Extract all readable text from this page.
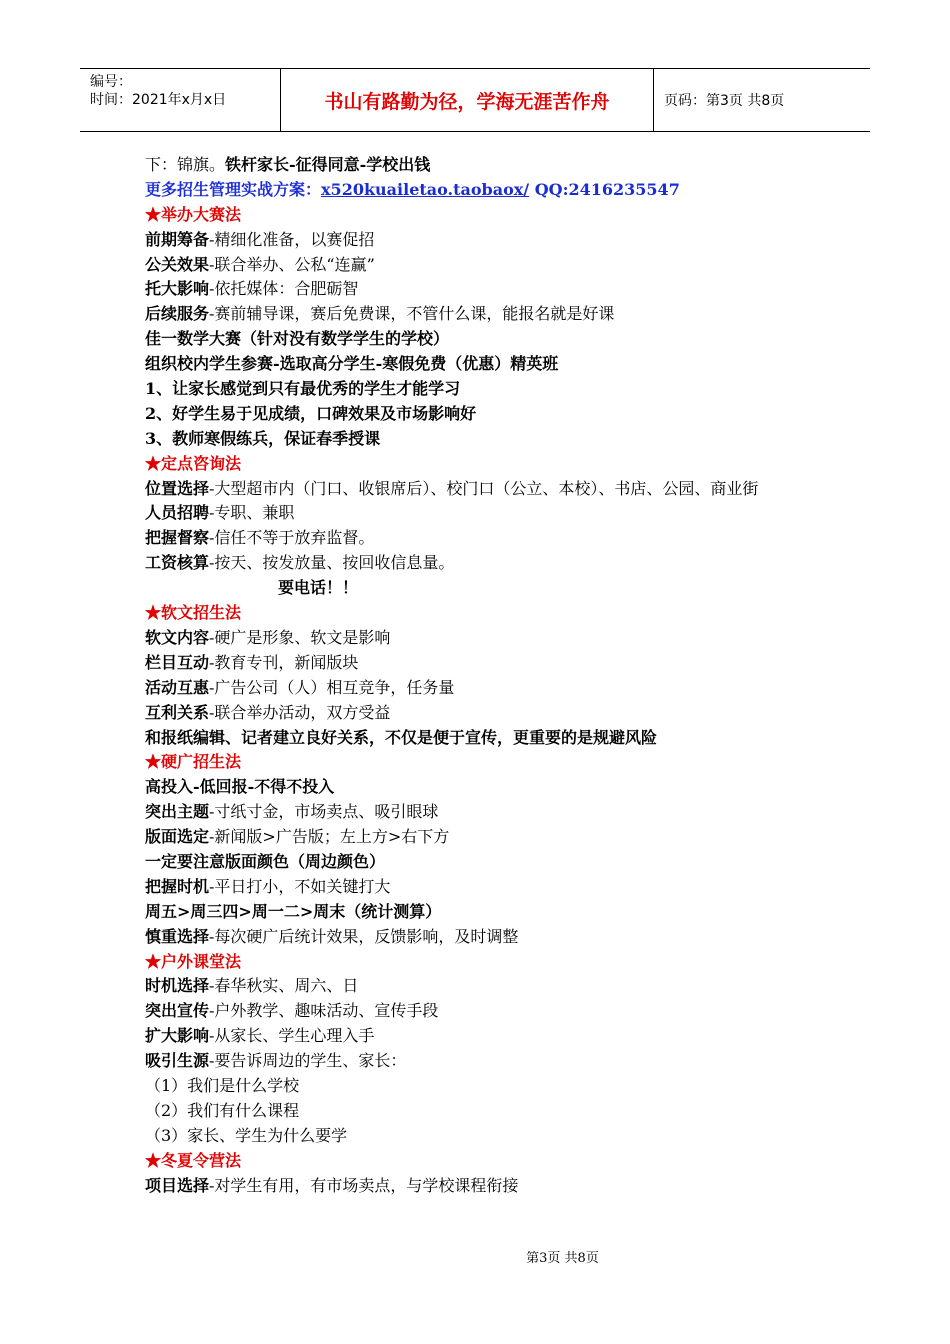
编号：
时间：2021年x月x日	书山有路勤为径，学海无涯苦作舟	页码：第3页 共8页
下：锦旗。铁杆家长-征得同意-学校出钱
更多招生管理实战方案：x520kuailetao.taobaox/ QQ:2416235547
★举办大赛法
前期筹备-精细化准备，以赛促招
公关效果-联合举办、公私“连赢”
托大影响-依托媒体：合肥砺智
后续服务-赛前辅导课，赛后免费课，不管什么课，能报名就是好课
佳一数学大赛（针对没有数学学生的学校）
组织校内学生参赛-选取高分学生-寒假免费（优惠）精英班
1、让家长感觉到只有最优秀的学生才能学习
2、好学生易于见成绩，口碑效果及市场影响好
3、教师寒假练兵，保证春季授课
★定点咨询法
位置选择-大型超市内（门口、收银席后）、校门口（公立、本校）、书店、公园、商业街
人员招聘-专职、兼职
把握督察-信任不等于放弃监督。
工资核算-按天、按发放量、按回收信息量。
要电话！！
★软文招生法
软文内容-硬广是形象、软文是影响
栏目互动-教育专刊，新闻版块
活动互惠-广告公司（人）相互竞争，任务量
互利关系-联合举办活动，双方受益
和报纸编辑、记者建立良好关系，不仅是便于宣传，更重要的是规避风险
★硬广招生法
高投入-低回报-不得不投入
突出主题-寸纸寸金，市场卖点、吸引眼球
版面选定-新闻版>广告版；左上方>右下方
一定要注意版面颜色（周边颜色）
把握时机-平日打小，不如关键打大
周五>周三四>周一二>周末（统计测算）
慎重选择-每次硬广后统计效果，反馈影响，及时调整
★户外课堂法
时机选择-春华秋实、周六、日
突出宣传-户外教学、趣味活动、宣传手段
扩大影响-从家长、学生心理入手
吸引生源-要告诉周边的学生、家长：
（1）我们是什么学校
（2）我们有什么课程
（3）家长、学生为什么要学
★冬夏令营法
项目选择-对学生有用，有市场卖点，与学校课程衔接
第3页 共8页
